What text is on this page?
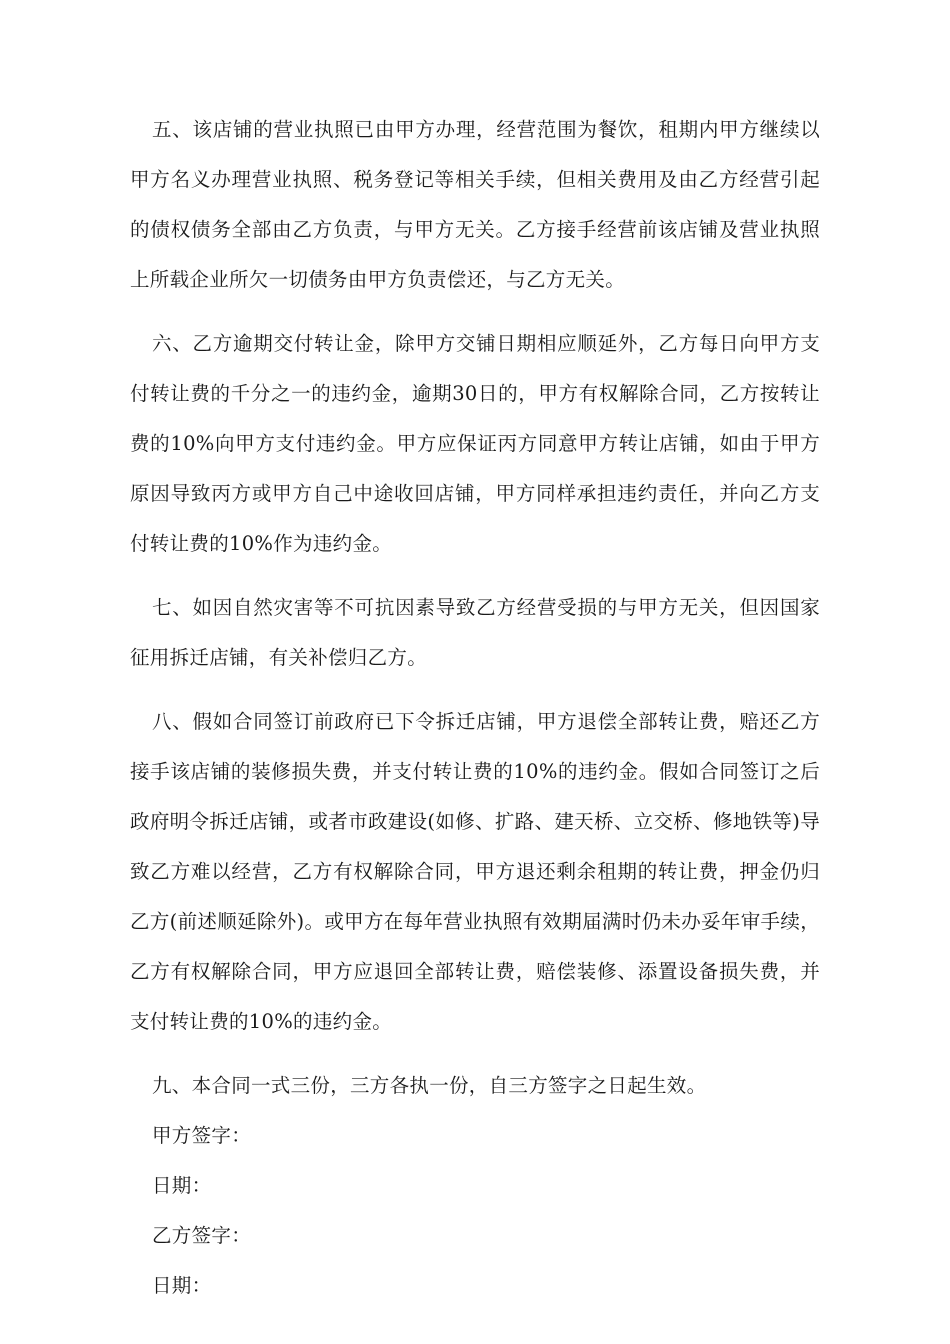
五、该店铺的营业执照已由甲方办理，经营范围为餐饮，租期内甲方继续以甲方名义办理营业执照、税务登记等相关手续，但相关费用及由乙方经营引起的债权债务全部由乙方负责，与甲方无关。乙方接手经营前该店铺及营业执照上所载企业所欠一切债务由甲方负责偿还，与乙方无关。

六、乙方逾期交付转让金，除甲方交铺日期相应顺延外，乙方每日向甲方支付转让费的千分之一的违约金，逾期30日的，甲方有权解除合同，乙方按转让费的10%向甲方支付违约金。甲方应保证丙方同意甲方转让店铺，如由于甲方原因导致丙方或甲方自己中途收回店铺，甲方同样承担违约责任，并向乙方支付转让费的10%作为违约金。

七、如因自然灾害等不可抗因素导致乙方经营受损的与甲方无关，但因国家征用拆迁店铺，有关补偿归乙方。

八、假如合同签订前政府已下令拆迁店铺，甲方退偿全部转让费，赔还乙方接手该店铺的装修损失费，并支付转让费的10%的违约金。假如合同签订之后政府明令拆迁店铺，或者市政建设(如修、扩路、建天桥、立交桥、修地铁等)导致乙方难以经营，乙方有权解除合同，甲方退还剩余租期的转让费，押金仍归乙方(前述顺延除外)。或甲方在每年营业执照有效期届满时仍未办妥年审手续，乙方有权解除合同，甲方应退回全部转让费，赔偿装修、添置设备损失费，并支付转让费的10%的违约金。

九、本合同一式三份，三方各执一份，自三方签字之日起生效。

甲方签字：

日期：

乙方签字：

日期：
